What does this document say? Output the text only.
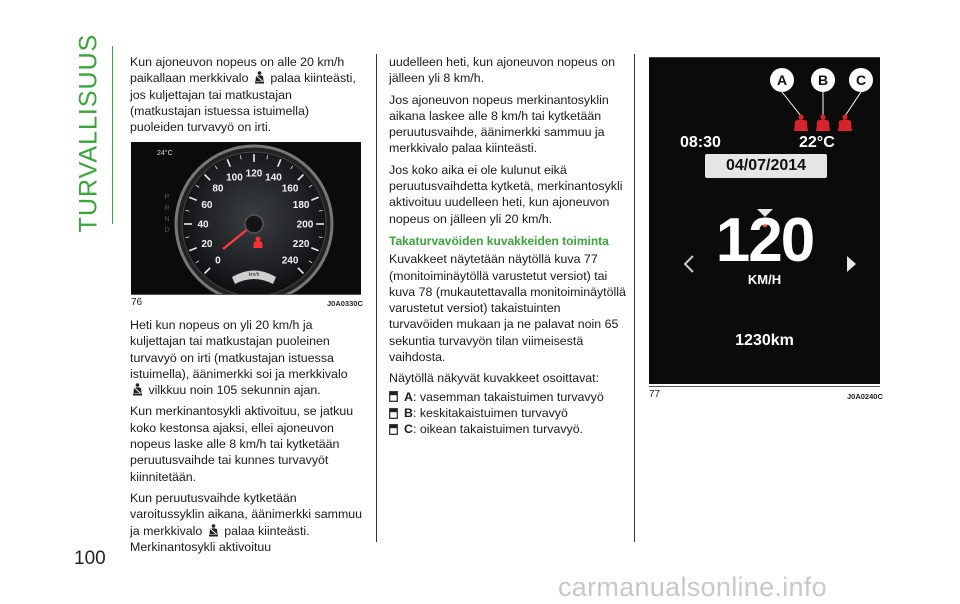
TURVALLISUUS
100

Kun ajoneuvon nopeus on alle 20 km/h paikallaan merkkivalo palaa kiinteästi, jos kuljettajan tai matkustajan (matkustajan istuessa istuimella) puoleiden turvavyö on irti.

24°C
P
R
N
D
0
20
40
60
80
100 120 140
160
180
200
220
240
km/h
76	J0A0330C

Heti kun nopeus on yli 20 km/h ja kuljettajan tai matkustajan puoleinen turvavyö on irti (matkustajan istuessa istuimella), äänimerkki soi ja merkkivalo  vilkkuu noin 105 sekunnin ajan.

Kun merkinantosykli aktivoituu, se jatkuu koko kestonsa ajaksi, ellei ajoneuvon nopeus laske alle 8 km/h tai kytketään peruutusvaihde tai kunnes turvavyöt kiinnitetään.

Kun peruutusvaihde kytketään varoitussyklin aikana, äänimerkki sammuu ja merkkivalo palaa kiinteästi. Merkinantosykli aktivoituu

uudelleen heti, kun ajoneuvon nopeus on jälleen yli 8 km/h.

Jos ajoneuvon nopeus merkinantosyklin aikana laskee alle 8 km/h tai kytketään peruutusvaihde, äänimerkki sammuu ja merkkivalo palaa kiinteästi.

Jos koko aika ei ole kulunut eikä peruutusvaihdetta kytketä, merkinantosykli aktivoituu uudelleen heti, kun ajoneuvon nopeus on jälleen yli 20 km/h.

Takaturvavöiden kuvakkeiden toiminta

Kuvakkeet näytetään näytöllä kuva 77 (monitoiminäytöllä varustetut versiot) tai kuva 78 (mukautettavalla monitoiminäytöllä varustetut versiot) takaistuinten turvavöiden mukaan ja ne palavat noin 65 sekuntia turvavyön tilan viimeisestä vaihdosta.

Näytöllä näkyvät kuvakkeet osoittavat:

A : vasemman takaistuimen turvavyö
B : keskitakaistuimen turvavyö
C : oikean takaistuimen turvavyö.
A	B	C
08:30	22°C
04/07/2014
120
KM/H
1230km
77	J0A0240C
carmanualsonline.info
